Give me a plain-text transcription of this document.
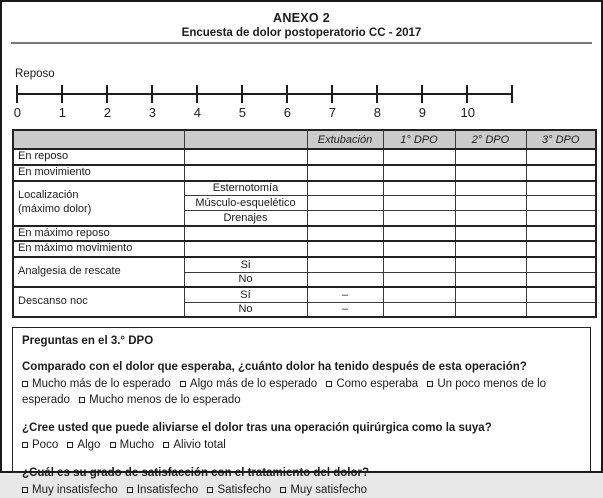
ANEXO 2
Encuesta de dolor postoperatorio CC - 2017
Reposo
0	1	2	3	4	5	6	7	8	9	10
		Extubación	1° DPO	2° DPO	3° DPO
En reposo					
En movimiento					
Localización
(máximo dolor)	Esternotomía				
	Músculo-esquelético				
	Drenajes				
En máximo reposo					
En máximo movimiento					
Analgesia de rescate	Si				
	No				
Descanso noc	Sí	–			
	No	–			
Preguntas en el 3.° DPO
Comparado con el dolor que esperaba, ¿cuánto dolor ha tenido después de esta operación?
Mucho más de lo esperado Algo más de lo esperado Como esperaba Un poco menos de lo esperado Mucho menos de lo esperado
¿Cree usted que puede aliviarse el dolor tras una operación quirúrgica como la suya?
Poco Algo Mucho Alivio total
¿Cuál es su grado de satisfacción con el tratamiento del dolor?
Muy insatisfecho Insatisfecho Satisfecho Muy satisfecho
